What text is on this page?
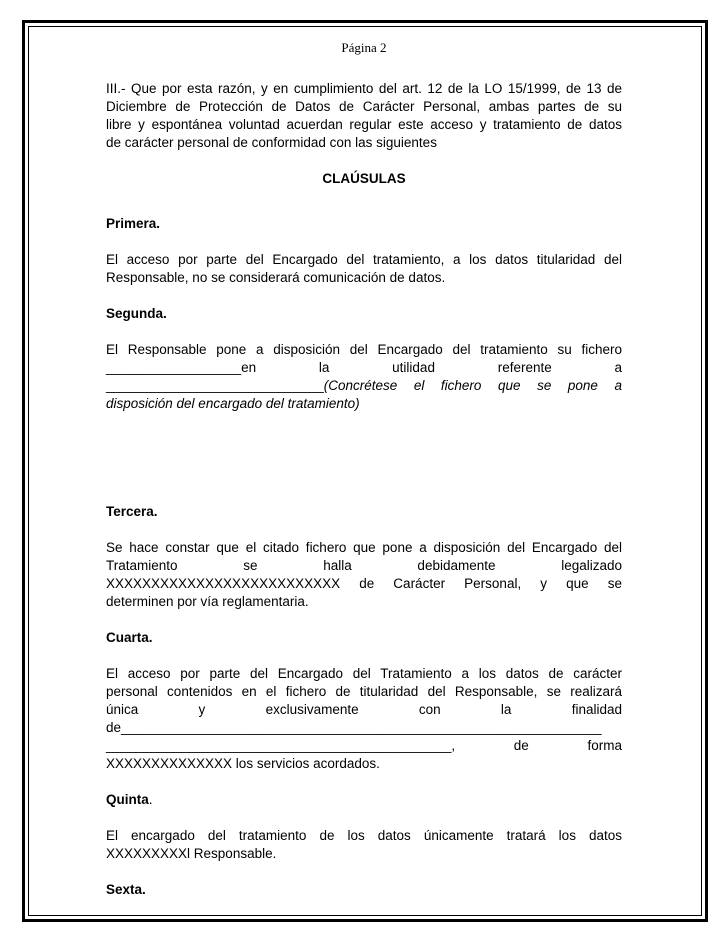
Página 2
III.- Que por esta razón, y en cumplimiento del art. 12 de la LO 15/1999, de 13 de
Diciembre de Protección de Datos de Carácter Personal, ambas partes de su
libre y espontánea voluntad acuerdan regular este acceso y tratamiento de datos
de carácter personal de conformidad con las siguientes
CLAÚSULAS
Primera.
El acceso por parte del Encargado del tratamiento, a los datos titularidad del
Responsable, no se considerará comunicación de datos.
Segunda.
El Responsable pone a disposición del Encargado del tratamiento su fichero
__________________en la utilidad referente a
_____________________________(Concrétese el fichero que se pone a
disposición del encargado del tratamiento)
Tercera.
Se hace constar que el citado fichero que pone a disposición del Encargado del
Tratamiento se halla debidamente legalizado
XXXXXXXXXXXXXXXXXXXXXXXXXX de Carácter Personal, y que se
determinen por vía reglamentaria.
Cuarta.
El acceso por parte del Encargado del Tratamiento a los datos de carácter
personal contenidos en el fichero de titularidad del Responsable, se realizará
única y exclusivamente con la finalidad
de________________________________________________________________
______________________________________________, de forma
XXXXXXXXXXXXXX los servicios acordados.
Quinta.
El encargado del tratamiento de los datos únicamente tratará los datos
XXXXXXXXXl Responsable.
Sexta.
